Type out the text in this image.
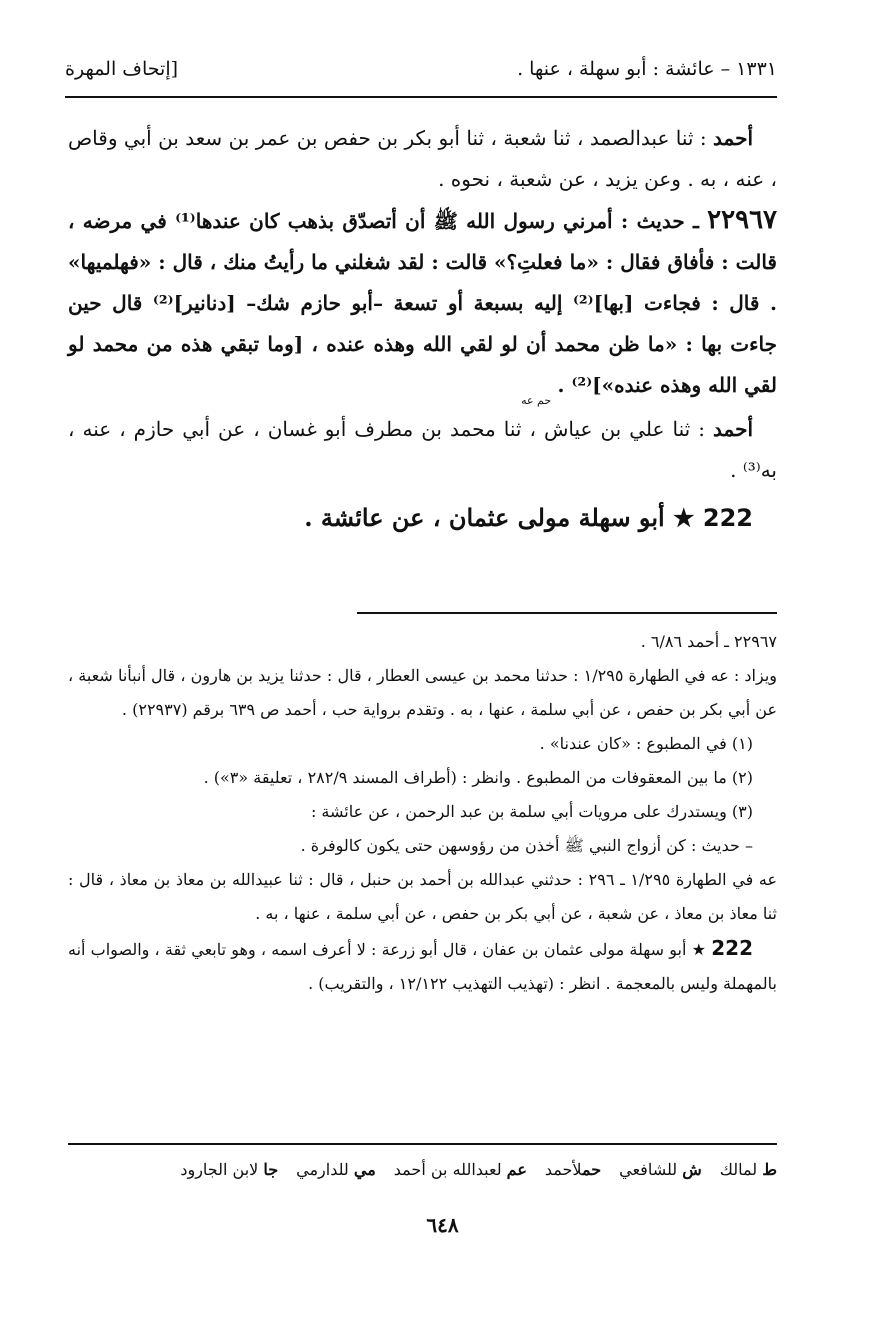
١٣٣١ – عائشة : أبو سهلة ، عنها .
[إتحاف المهرة

أحمد : ثنا عبدالصمد ، ثنا شعبة ، ثنا أبو بكر بن حفص بن عمر بن سعد بن أبي وقاص ، عنه ، به . وعن يزيد ، عن شعبة ، نحوه .

٢٢٩٦٧ ـ حديث : أمرني رسول الله ﷺ أن أتصدّق بذهب كان عندها⁽¹⁾ في مرضه ، قالت : فأفاق فقال : «ما فعلتِ؟» قالت : لقد شغلني ما رأيتُ منك ، قال : «فهلميها» . قال : فجاءت [بها]⁽²⁾ إليه بسبعة أو تسعة –أبو حازم شك– [دنانير]⁽²⁾ قال حين جاءت بها : «ما ظن محمد أن لو لقي الله وهذه عنده ، [وما تبقي هذه من محمد لو لقي الله وهذه عنده»]⁽²⁾ . $_{حم عه}$

أحمد : ثنا علي بن عياش ، ثنا محمد بن مطرف أبو غسان ، عن أبي حازم ، عنه ، به⁽³⁾ .

222 ★ أبو سهلة مولى عثمان ، عن عائشة .

٢٢٩٦٧ ـ أحمد ٦/٨٦ .

ويزاد : عه في الطهارة ١/٢٩٥ : حدثنا محمد بن عيسى العطار ، قال : حدثنا يزيد بن هارون ، قال أنبأنا شعبة ، عن أبي بكر بن حفص ، عن أبي سلمة ، عنها ، به . وتقدم برواية حب ، أحمد ص ٦٣٩ برقم (٢٢٩٣٧) .

(١) في المطبوع : «كان عندنا» .

(٢) ما بين المعقوفات من المطبوع . وانظر : (أطراف المسند ٢٨٢/٩ ، تعليقة «٣») .

(٣) ويستدرك على مرويات أبي سلمة بن عبد الرحمن ، عن عائشة :

– حديث : كن أزواج النبي ﷺ أخذن من رؤوسهن حتى يكون كالوفرة .

عه في الطهارة ١/٢٩٥ ـ ٢٩٦ : حدثني عبدالله بن أحمد بن حنبل ، قال : ثنا عبيدالله بن معاذ بن معاذ ، قال : ثنا معاذ بن معاذ ، عن شعبة ، عن أبي بكر بن حفص ، عن أبي سلمة ، عنها ، به .

222 ★ أبو سهلة مولى عثمان بن عفان ، قال أبو زرعة : لا أعرف اسمه ، وهو تابعي ثقة ، والصواب أنه بالمهملة وليس بالمعجمة . انظر : (تهذيب التهذيب ١٢/١٢٢ ، والتقريب) .

ط لمالك
ش للشافعي
حملأحمد
عم لعبدالله بن أحمد
مي للدارمي
جا لابن الجارود
٦٤٨
